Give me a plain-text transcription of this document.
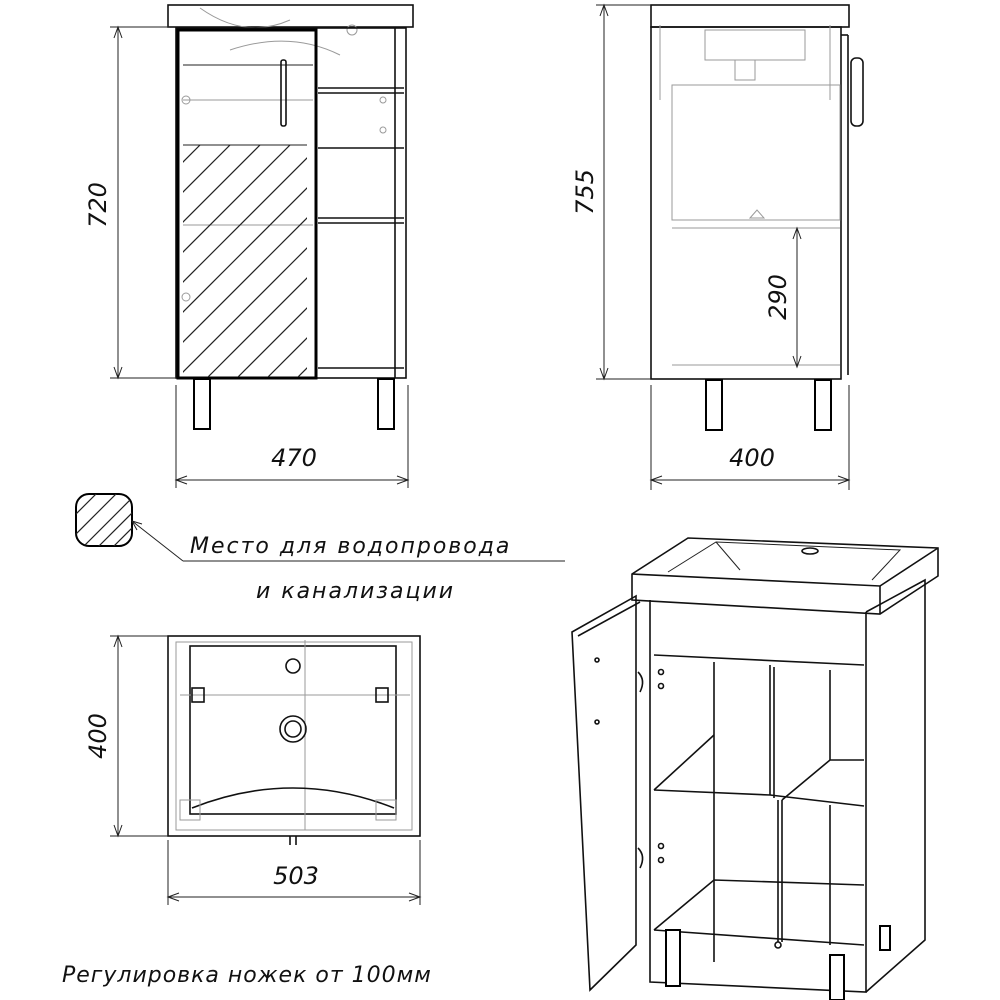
720
470
755
290
400
Место для водопровода
и канализации
400
503
Регулировка ножек от 100мм
